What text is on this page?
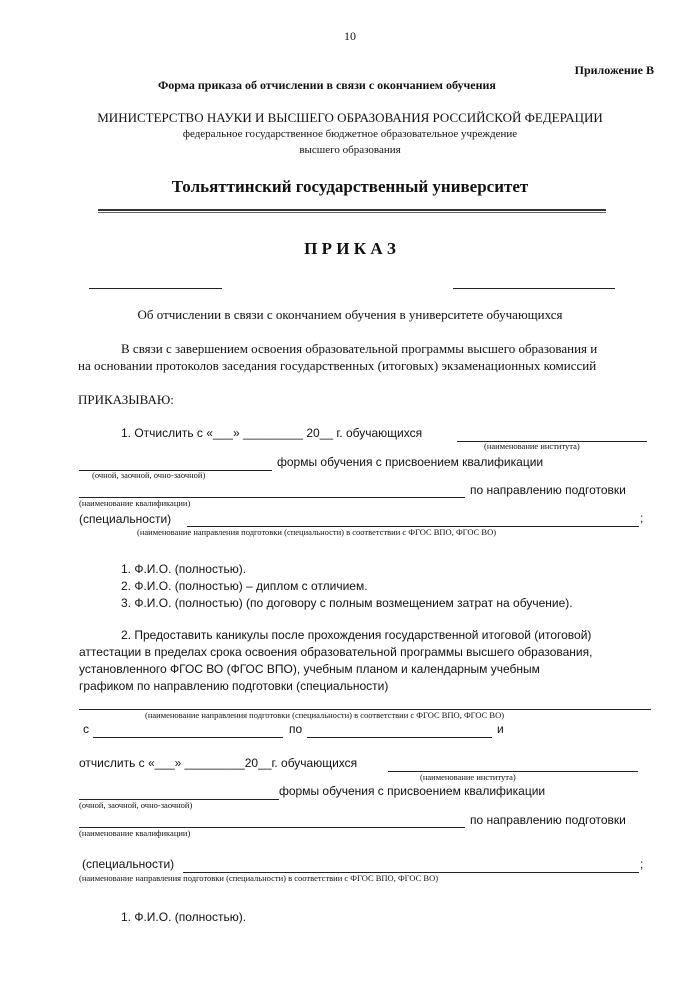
10
Приложение В
Форма приказа об отчислении в связи с окончанием обучения
МИНИСТЕРСТВО НАУКИ И ВЫСШЕГО ОБРАЗОВАНИЯ РОССИЙСКОЙ ФЕДЕРАЦИИ
федеральное государственное бюджетное образовательное учреждение
высшего образования
Тольяттинский государственный университет
П Р И К А З
Об отчислении в связи с окончанием обучения в университете обучающихся
В связи с завершением освоения образовательной программы высшего образования и
на основании протоколов заседания государственных (итоговых) экзаменационных комиссий
ПРИКАЗЫВАЮ:
1. Отчислить с «___» _________ 20__ г. обучающихся
(наименование института)
формы обучения с присвоением квалификации
(очной, заочной, очно-заочной)
по направлению подготовки
(наименование квалификации)
(специальности)	;
(наименование направления подготовки (специальности) в соответствии с ФГОС ВПО, ФГОС ВО)
1. Ф.И.О. (полностью).
2. Ф.И.О. (полностью) – диплом с отличием.
3. Ф.И.О. (полностью) (по договору с полным возмещением затрат на обучение).
2. Предоставить каникулы после прохождения государственной итоговой (итоговой)
аттестации в пределах срока освоения образовательной программы высшего образования,
установленного ФГОС ВО (ФГОС ВПО), учебным планом и календарным учебным
графиком по направлению подготовки (специальности)
(наименование направления подготовки (специальности) в соответствии с ФГОС ВПО, ФГОС ВО)
с	по	и
отчислить с «___» _________20__г. обучающихся
(наименование института)
формы обучения с присвоением квалификации
(очной, заочной, очно-заочной)
по направлению подготовки
(наименование квалификации)
(специальности)	;
(наименование направления подготовки (специальности) в соответствии с ФГОС ВПО, ФГОС ВО)
1. Ф.И.О. (полностью).
